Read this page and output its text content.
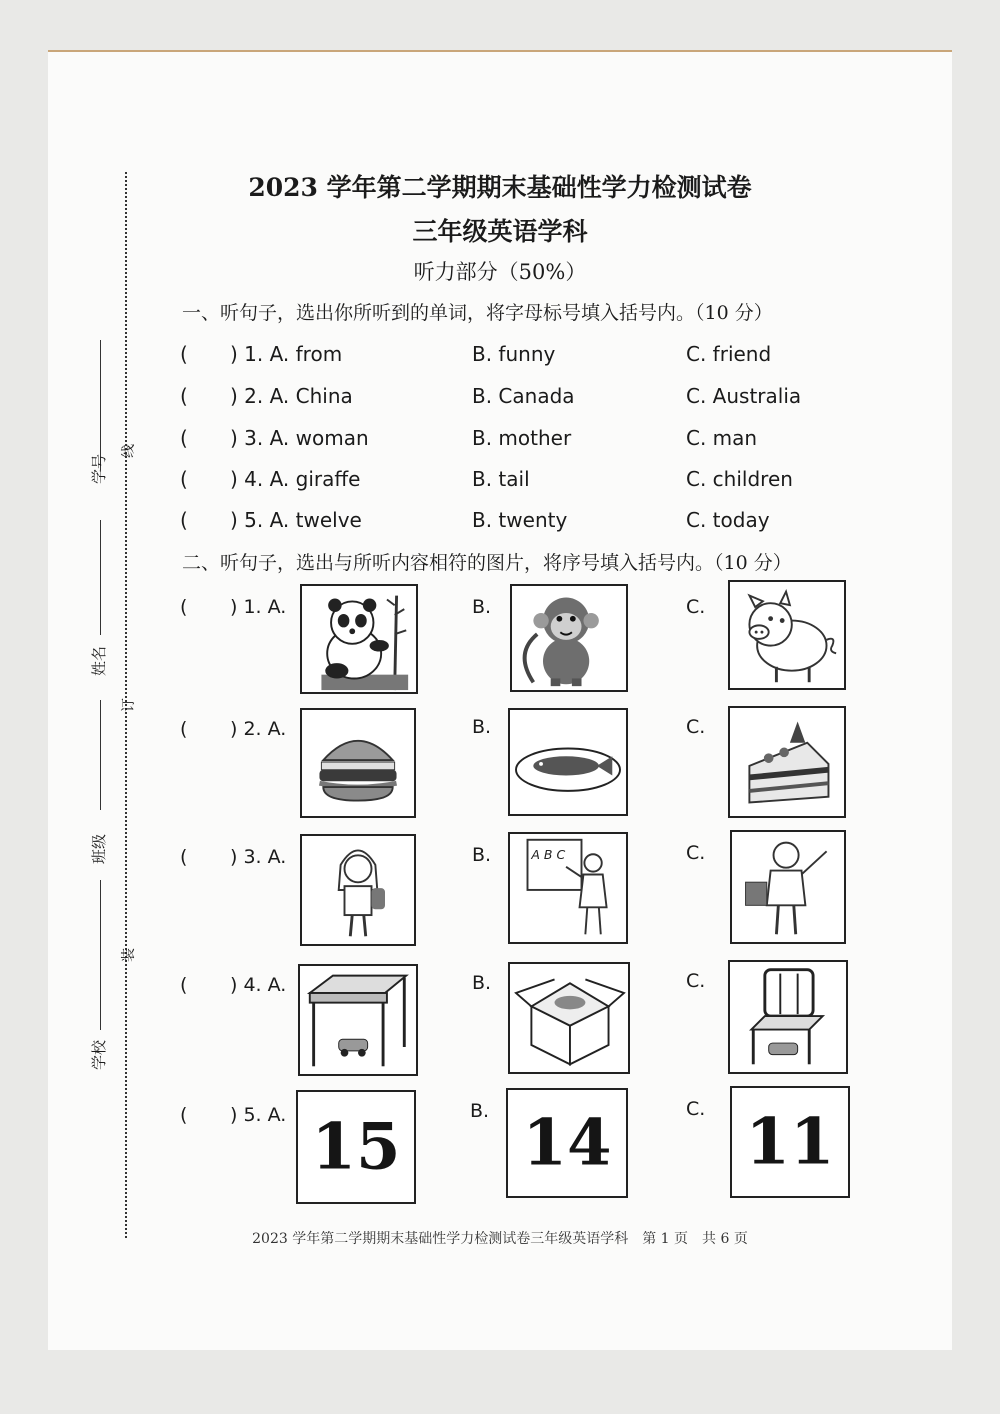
学号
姓名
班级
学校
线
订
装
2023 学年第二学期期末基础性学力检测试卷
三年级英语学科
听力部分（50%）
一、听句子，选出你所听到的单词，将字母标号填入括号内。（10 分）
( ) 1. A. from	B. funny	C. friend
( ) 2. A. China	B. Canada	C. Australia
( ) 3. A. woman	B. mother	C. man
( ) 4. A. giraffe	B. tail	C. children
( ) 5. A. twelve	B. twenty	C. today
二、听句子，选出与所听内容相符的图片，将序号填入括号内。（10 分）
( ) 1. A.	B.	C.
( ) 2. A.	B.	C.
( ) 3. A.	B.	A B C	C.
( ) 4. A.	B.	C.
( ) 5. A. 15	B. 14	C. 11
2023 学年第二学期期末基础性学力检测试卷三年级英语学科　第 1 页　共 6 页
